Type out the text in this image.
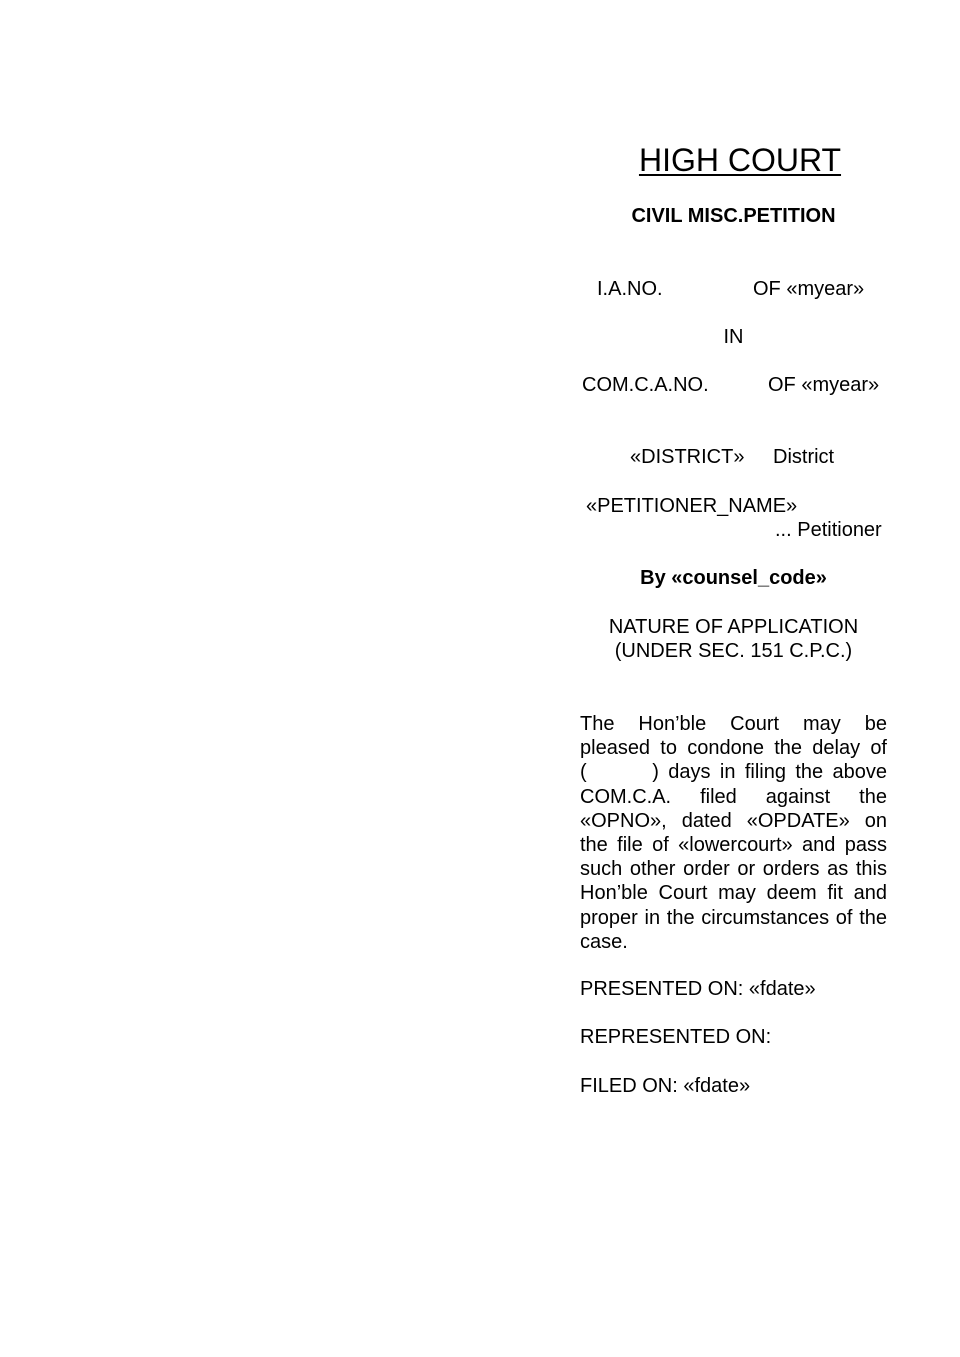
HIGH COURT
CIVIL MISC.PETITION
I.A.NO.	OF «myear»
IN
COM.C.A.NO.	OF «myear»
«DISTRICT» District
«PETITIONER_NAME»
... Petitioner
By «counsel_code»
NATURE OF APPLICATION
(UNDER SEC. 151 C.P.C.)
The Hon’ble Court may be pleased to condone the delay of (       ) days in filing the above COM.C.A. filed against the «OPNO», dated «OPDATE» on the file of «lowercourt» and pass such other order or orders as this Hon’ble Court may deem fit and proper in the circumstances of the case.
PRESENTED ON: «fdate»
REPRESENTED ON:
FILED ON: «fdate»
